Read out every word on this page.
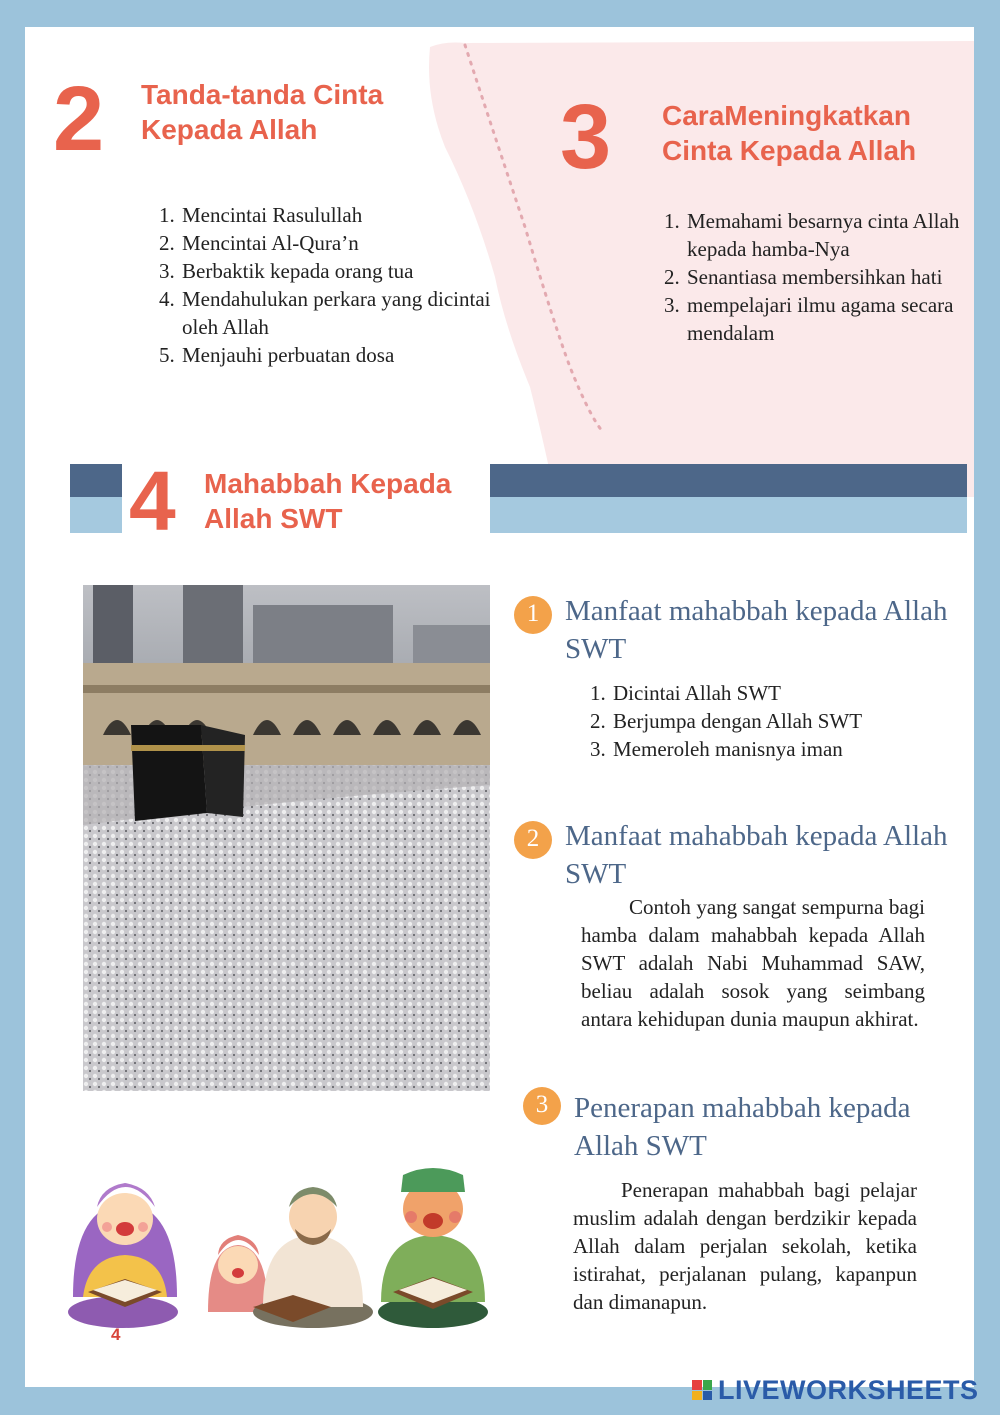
2 Tanda-tanda Cinta
Kepada Allah
1. Mencintai Rasulullah
2. Mencintai Al-Qura’n
3. Berbaktik kepada orang tua
4. Mendahulukan perkara yang dicintai oleh Allah
5. Menjauhi perbuatan dosa
3 CaraMeningkatkan
Cinta Kepada Allah
1. Memahami besarnya cinta Allah kepada hamba-Nya
2. Senantiasa membersihkan hati
3. mempelajari ilmu agama secara mendalam
4 Mahabbah Kepada
Allah SWT
1 Manfaat mahabbah kepada Allah SWT
1. Dicintai Allah SWT
2. Berjumpa dengan Allah SWT
3. Memeroleh manisnya iman
2 Manfaat mahabbah kepada Allah SWT
Contoh yang sangat sempurna bagi hamba dalam mahabbah kepada Allah SWT adalah Nabi Muhammad SAW, beliau adalah sosok yang seimbang antara kehidupan dunia maupun akhirat.
3 Penerapan mahabbah kepada Allah SWT
Penerapan mahabbah bagi pelajar muslim adalah dengan berdzikir kepada Allah dalam perjalan sekolah, ketika istirahat, perjalanan pulang, kapanpun dan dimanapun.
4
LIVEWORKSHEETS
